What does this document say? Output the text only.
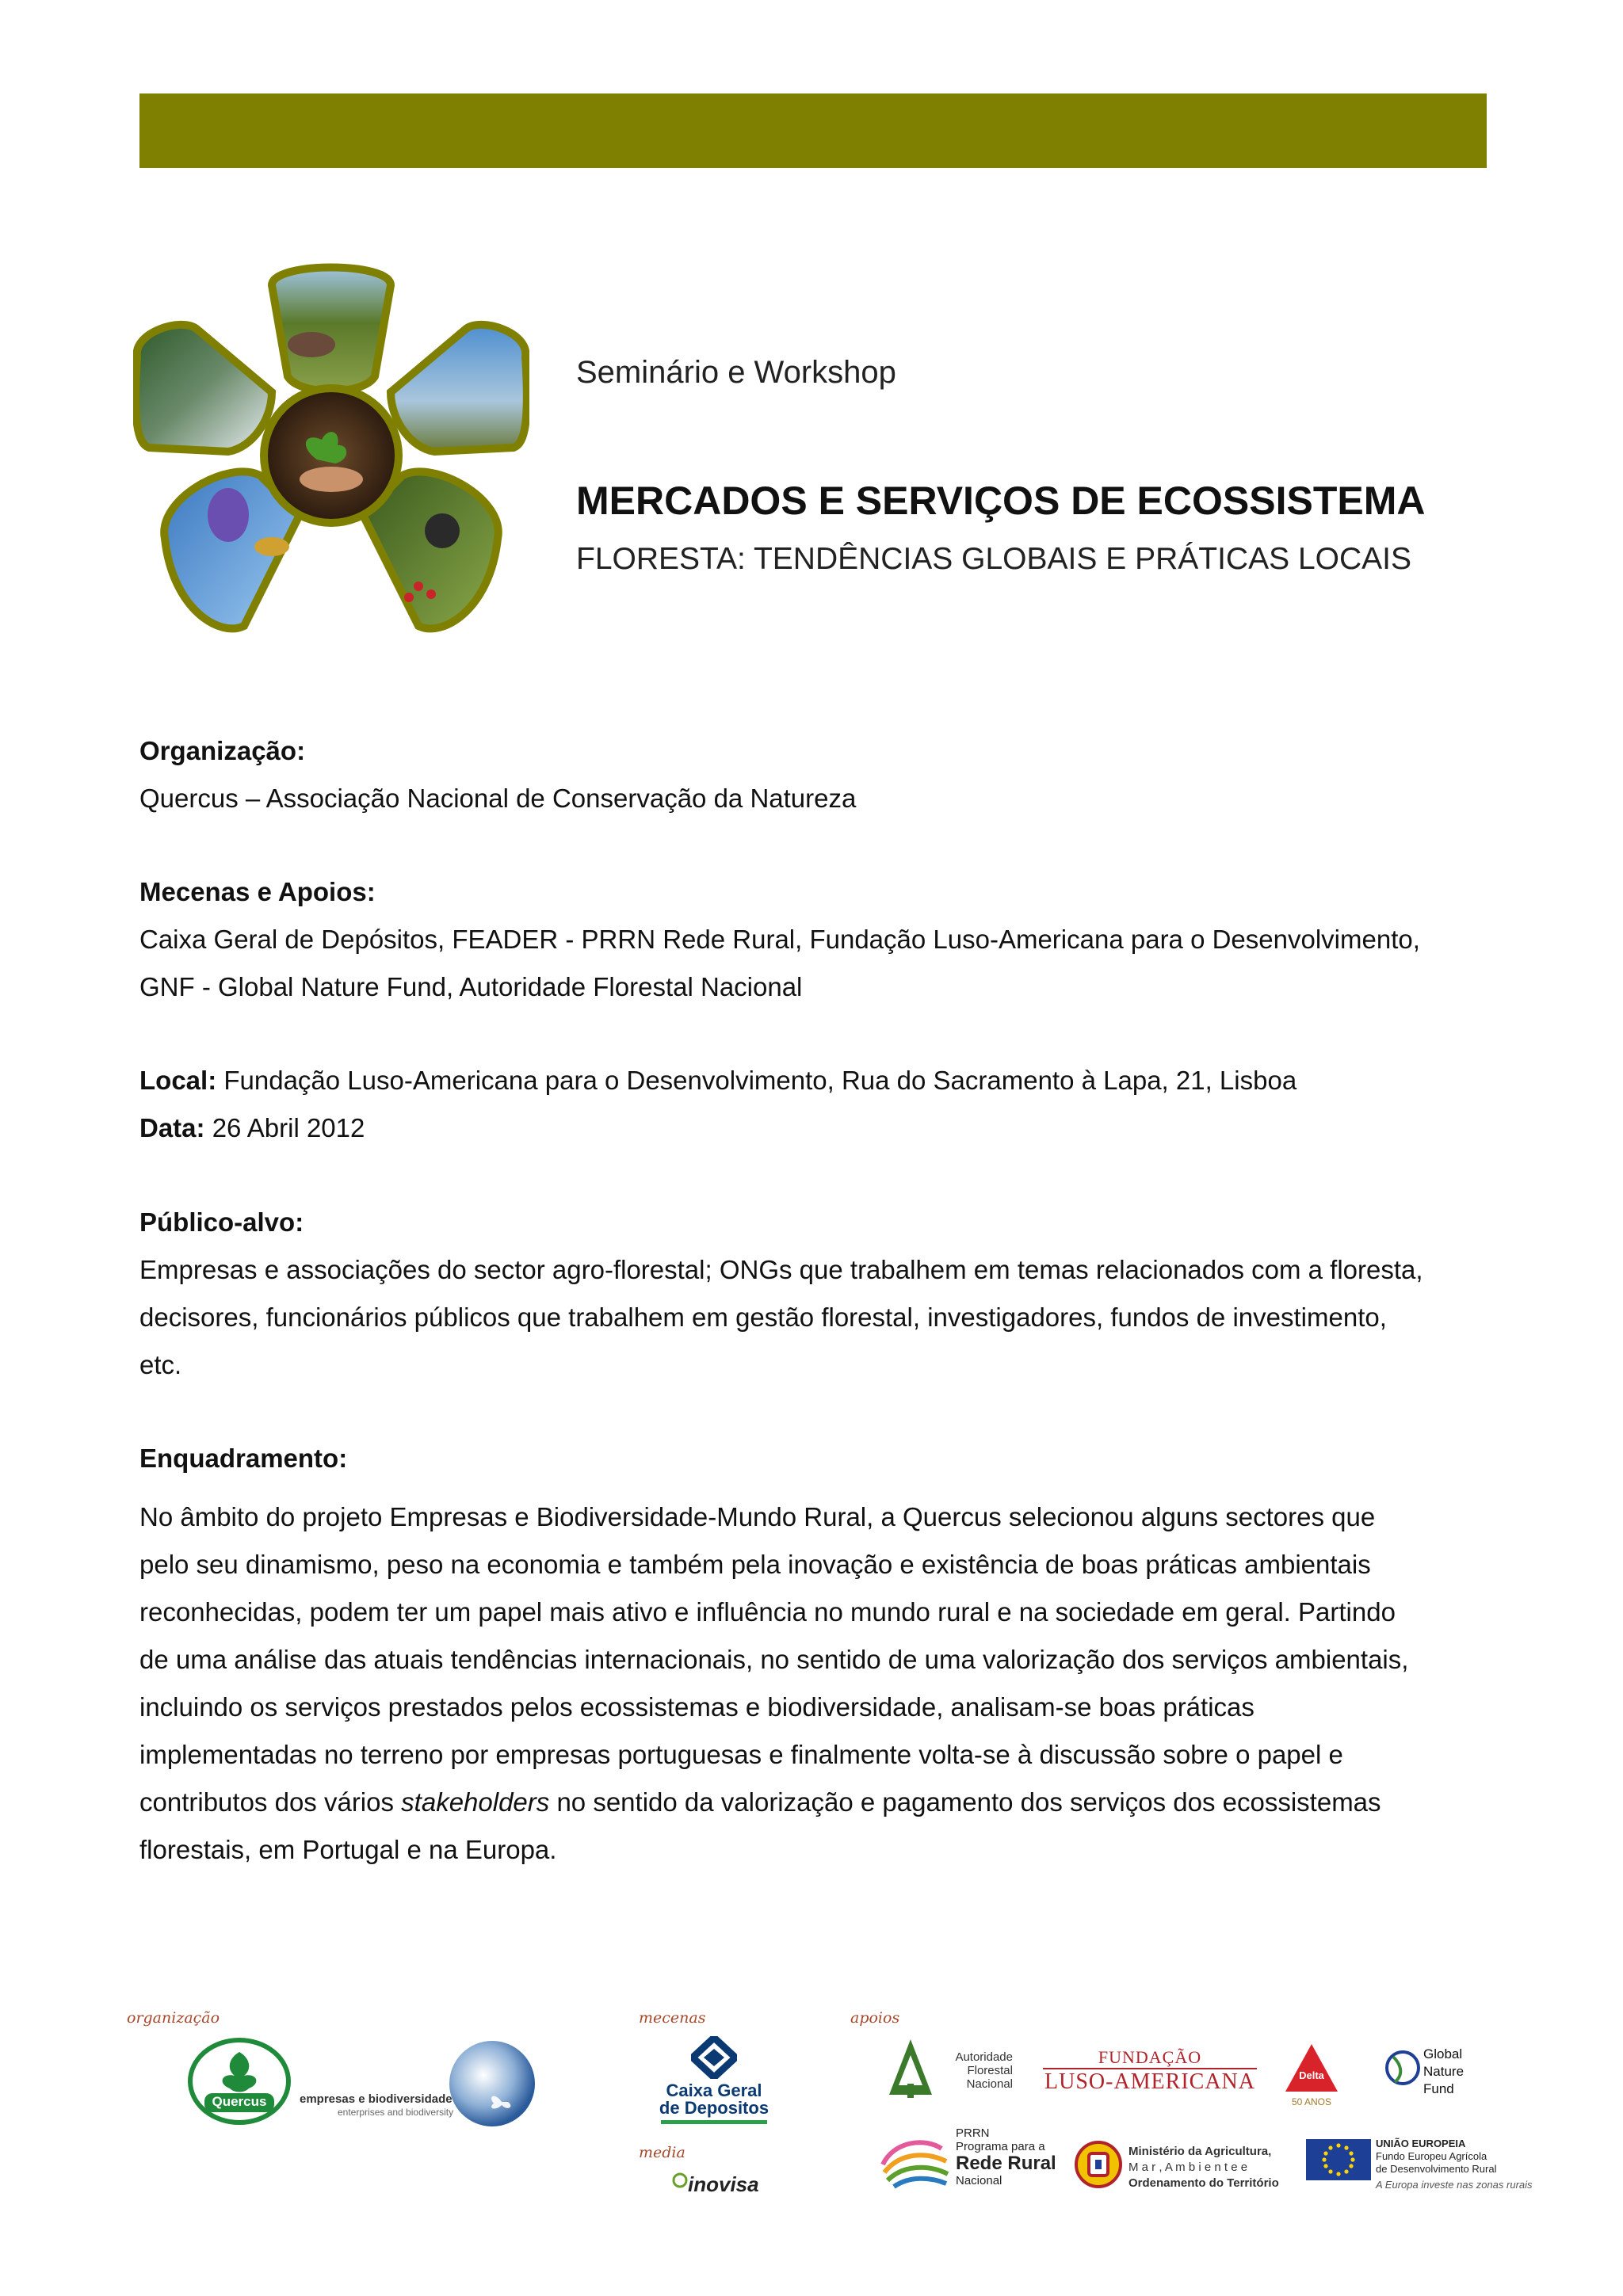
Seminário e Workshop
MERCADOS E SERVIÇOS DE ECOSSISTEMA
FLORESTA: TENDÊNCIAS GLOBAIS E PRÁTICAS LOCAIS
Organização:
Quercus – Associação Nacional de Conservação da Natureza
Mecenas e Apoios:
Caixa Geral de Depósitos, FEADER - PRRN Rede Rural, Fundação Luso-Americana para o Desenvolvimento,
GNF - Global Nature Fund, Autoridade Florestal Nacional
Local: Fundação Luso-Americana para o Desenvolvimento, Rua do Sacramento à Lapa, 21, Lisboa
Data: 26 Abril 2012
Público-alvo:
Empresas e associações do sector agro-florestal; ONGs que trabalhem em temas relacionados com a floresta,
decisores, funcionários públicos que trabalhem em gestão florestal, investigadores, fundos de investimento,
etc.
Enquadramento:
No âmbito do projeto Empresas e Biodiversidade-Mundo Rural, a Quercus selecionou alguns sectores que
pelo seu dinamismo, peso na economia e também pela inovação e existência de boas práticas ambientais
reconhecidas, podem ter um papel mais ativo e influência no mundo rural e na sociedade em geral. Partindo
de uma análise das atuais tendências internacionais, no sentido de uma valorização dos serviços ambientais,
incluindo os serviços prestados pelos ecossistemas e biodiversidade, analisam-se boas práticas
implementadas no terreno por empresas portuguesas e finalmente volta-se à discussão sobre o papel e
contributos dos vários stakeholders no sentido da valorização e pagamento dos serviços dos ecossistemas
florestais, em Portugal e na Europa.
organização	mecenas	apoios
media
Quercus	empresas e biodiversidade
enterprises and biodiversity
Caixa Geral
de Depositos
inovisa
Autoridade
Florestal
Nacional
FUNDAÇÃO
LUSO-AMERICANA	Delta
50 ANOS
Global
Nature
Fund
PRRN
Programa para a
Rede Rural
Nacional
Ministério da Agricultura,
M a r , A m b i e n t e e
Ordenamento do Território
UNIÃO EUROPEIA
Fundo Europeu Agrícola
de Desenvolvimento Rural
A Europa investe nas zonas rurais
